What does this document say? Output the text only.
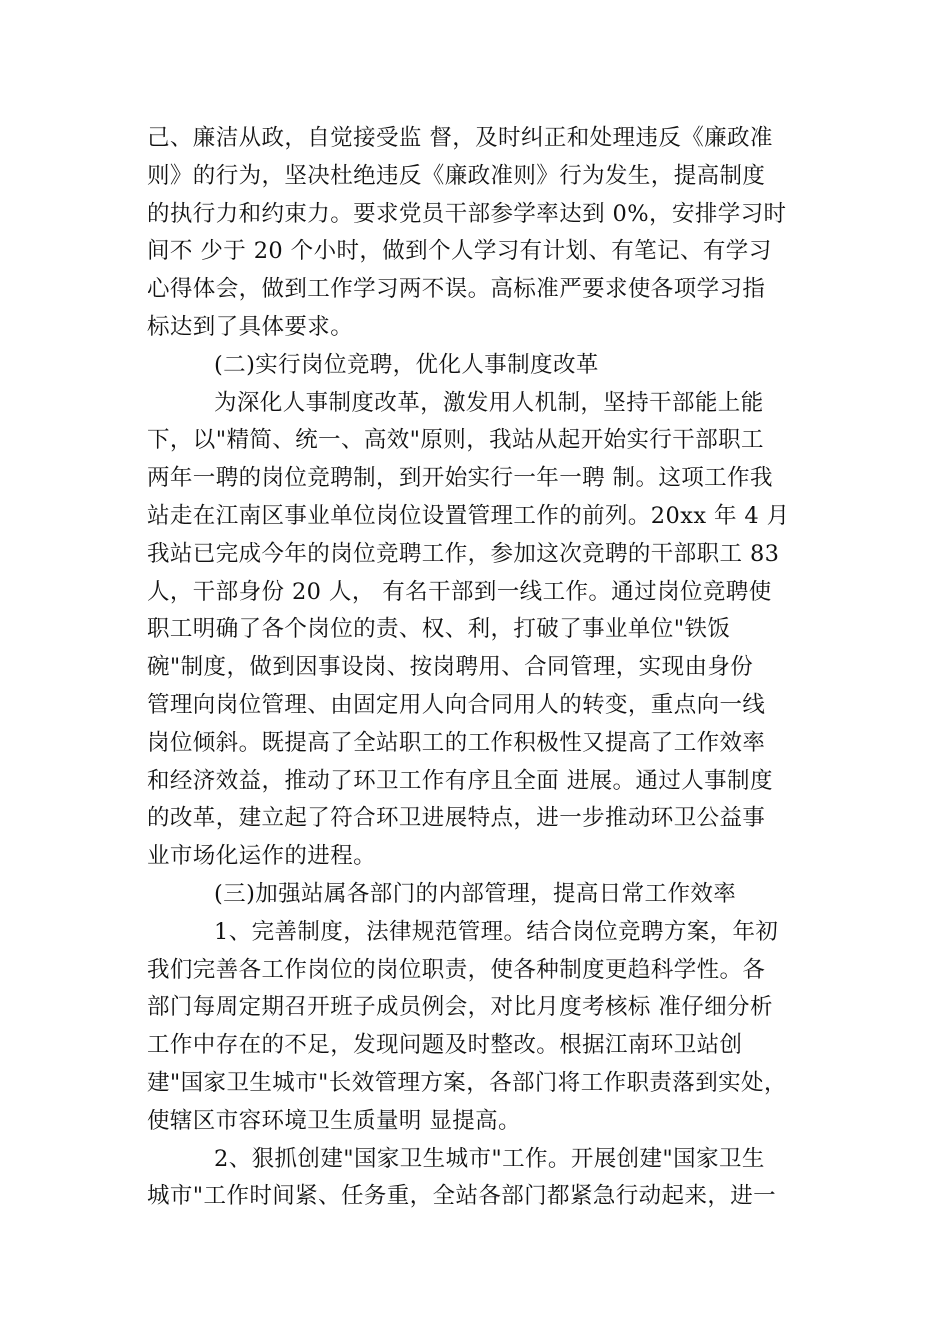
己、廉洁从政，自觉接受监 督，及时纠正和处理违反《廉政准
则》的行为，坚决杜绝违反《廉政准则》行为发生，提高制度
的执行力和约束力。要求党员干部参学率达到 0%，安排学习时
间不 少于 20 个小时，做到个人学习有计划、有笔记、有学习
心得体会，做到工作学习两不误。高标准严要求使各项学习指
标达到了具体要求。
(二)实行岗位竞聘，优化人事制度改革
为深化人事制度改革，激发用人机制，坚持干部能上能
下，以"精简、统一、高效"原则，我站从起开始实行干部职工
两年一聘的岗位竞聘制，到开始实行一年一聘 制。这项工作我
站走在江南区事业单位岗位设置管理工作的前列。20xx 年 4 月
我站已完成今年的岗位竞聘工作，参加这次竞聘的干部职工 83
人，干部身份 20 人， 有名干部到一线工作。通过岗位竞聘使
职工明确了各个岗位的责、权、利，打破了事业单位"铁饭
碗"制度，做到因事设岗、按岗聘用、合同管理，实现由身份
管理向岗位管理、由固定用人向合同用人的转变，重点向一线
岗位倾斜。既提高了全站职工的工作积极性又提高了工作效率
和经济效益，推动了环卫工作有序且全面 进展。通过人事制度
的改革，建立起了符合环卫进展特点，进一步推动环卫公益事
业市场化运作的进程。
(三)加强站属各部门的内部管理，提高日常工作效率
1、完善制度，法律规范管理。结合岗位竞聘方案，年初
我们完善各工作岗位的岗位职责，使各种制度更趋科学性。各
部门每周定期召开班子成员例会，对比月度考核标 准仔细分析
工作中存在的不足，发现问题及时整改。根据江南环卫站创
建"国家卫生城市"长效管理方案，各部门将工作职责落到实处，
使辖区市容环境卫生质量明 显提高。
2、狠抓创建"国家卫生城市"工作。开展创建"国家卫生
城市"工作时间紧、任务重，全站各部门都紧急行动起来，进一
